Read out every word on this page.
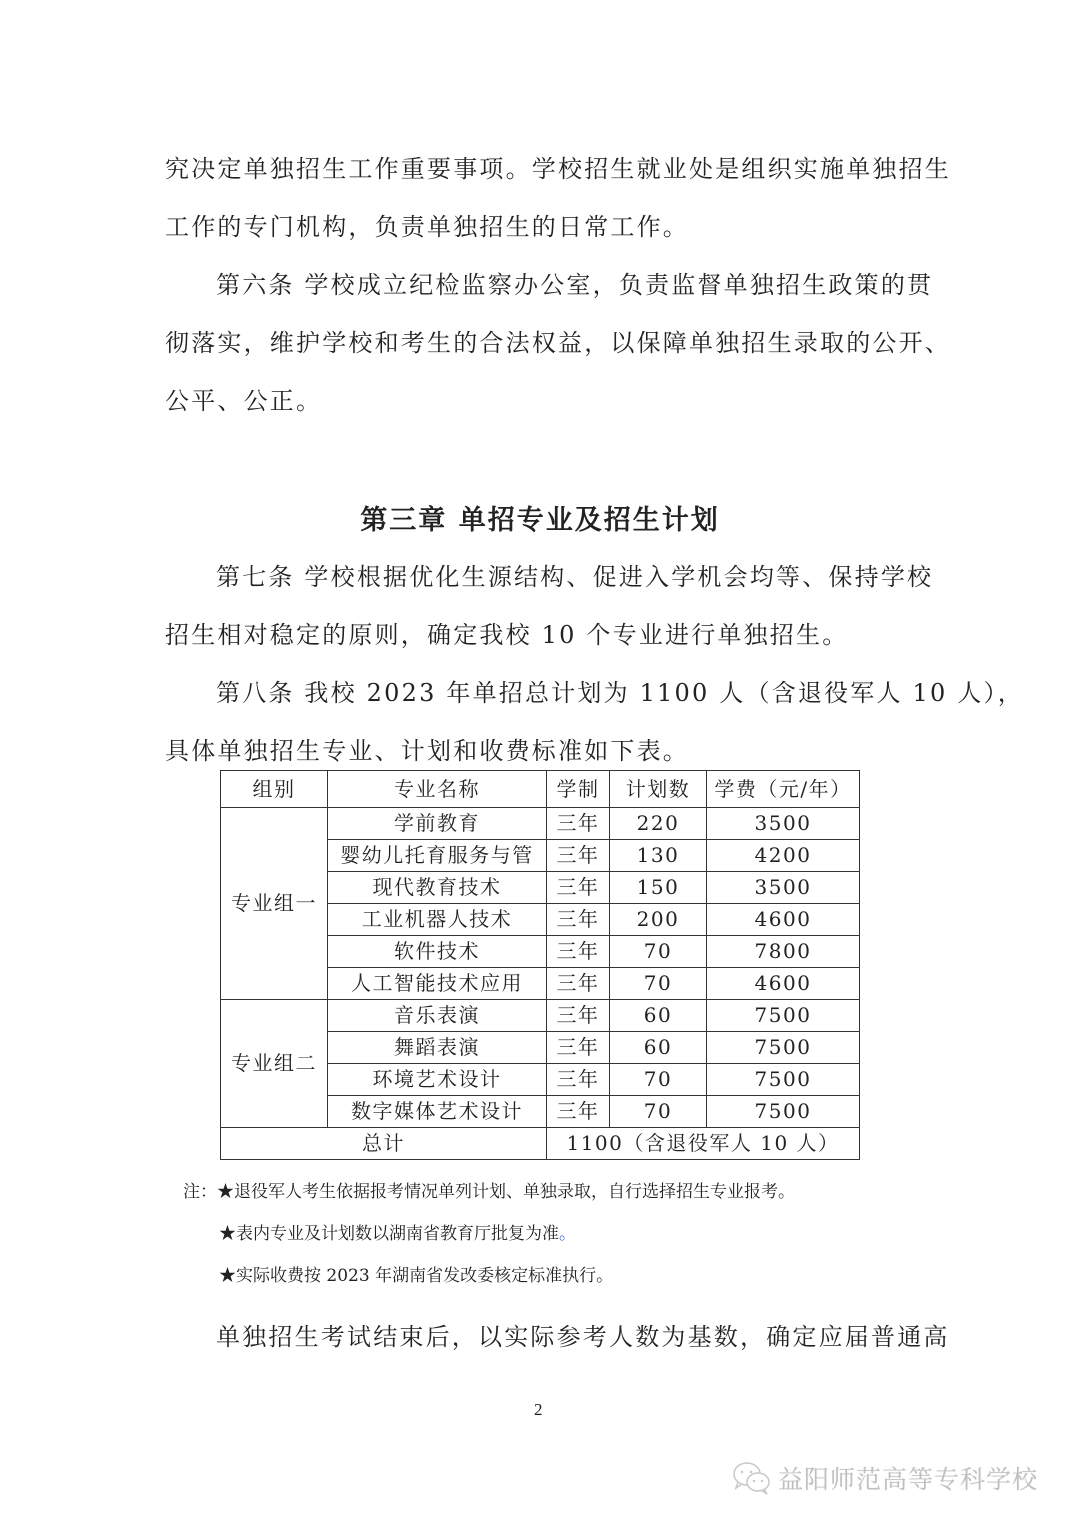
究决定单独招生工作重要事项。学校招生就业处是组织实施单独招生
工作的专门机构，负责单独招生的日常工作。
第六条 学校成立纪检监察办公室，负责监督单独招生政策的贯
彻落实，维护学校和考生的合法权益，以保障单独招生录取的公开、
公平、公正。
第三章 单招专业及招生计划
第七条 学校根据优化生源结构、促进入学机会均等、保持学校
招生相对稳定的原则，确定我校 10 个专业进行单独招生。
第八条 我校 2023 年单招总计划为 1100 人（含退役军人 10 人），
具体单独招生专业、计划和收费标准如下表。
组别	专业名称	学制	计划数	学费（元/年）
专业组一	学前教育	三年	220	3500
	婴幼儿托育服务与管	三年	130	4200
	现代教育技术	三年	150	3500
	工业机器人技术	三年	200	4600
	软件技术	三年	70	7800
	人工智能技术应用	三年	70	4600
专业组二	音乐表演	三年	60	7500
	舞蹈表演	三年	60	7500
	环境艺术设计	三年	70	7500
	数字媒体艺术设计	三年	70	7500
总计		1100（含退役军人 10 人）		
注：★退役军人考生依据报考情况单列计划、单独录取，自行选择招生专业报考。
★表内专业及计划数以湖南省教育厅批复为准。
★实际收费按 2023 年湖南省发改委核定标准执行。
单独招生考试结束后，以实际参考人数为基数，确定应届普通高
2
益阳师范高等专科学校
